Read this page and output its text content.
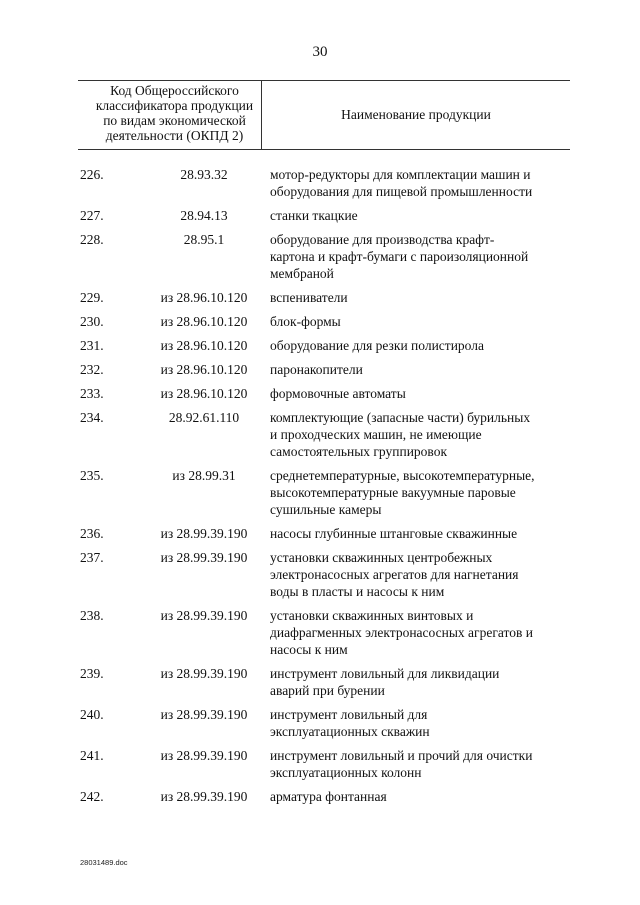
30
Код Общероссийского
классификатора продукции
по видам экономической
деятельности (ОКПД 2)
Наименование продукции
226.	28.93.32	мотор-редукторы для комплектации машин и
оборудования для пищевой промышленности
227.	28.94.13	станки ткацкие
228.	28.95.1	оборудование для производства крафт-
картона и крафт-бумаги с пароизоляционной
мембраной
229.	из 28.96.10.120	вспениватели
230.	из 28.96.10.120	блок-формы
231.	из 28.96.10.120	оборудование для резки полистирола
232.	из 28.96.10.120	паронакопители
233.	из 28.96.10.120	формовочные автоматы
234.	28.92.61.110	комплектующие (запасные части) бурильных
и проходческих машин, не имеющие
самостоятельных группировок
235.	из 28.99.31	среднетемпературные, высокотемпературные,
высокотемпературные вакуумные паровые
сушильные камеры
236.	из 28.99.39.190	насосы глубинные штанговые скважинные
237.	из 28.99.39.190	установки скважинных центробежных
электронасосных агрегатов для нагнетания
воды в пласты и насосы к ним
238.	из 28.99.39.190	установки скважинных винтовых и
диафрагменных электронасосных агрегатов и
насосы к ним
239.	из 28.99.39.190	инструмент ловильный для ликвидации
аварий при бурении
240.	из 28.99.39.190	инструмент ловильный для
эксплуатационных скважин
241.	из 28.99.39.190	инструмент ловильный и прочий для очистки
эксплуатационных колонн
242.	из 28.99.39.190	арматура фонтанная
28031489.doc
